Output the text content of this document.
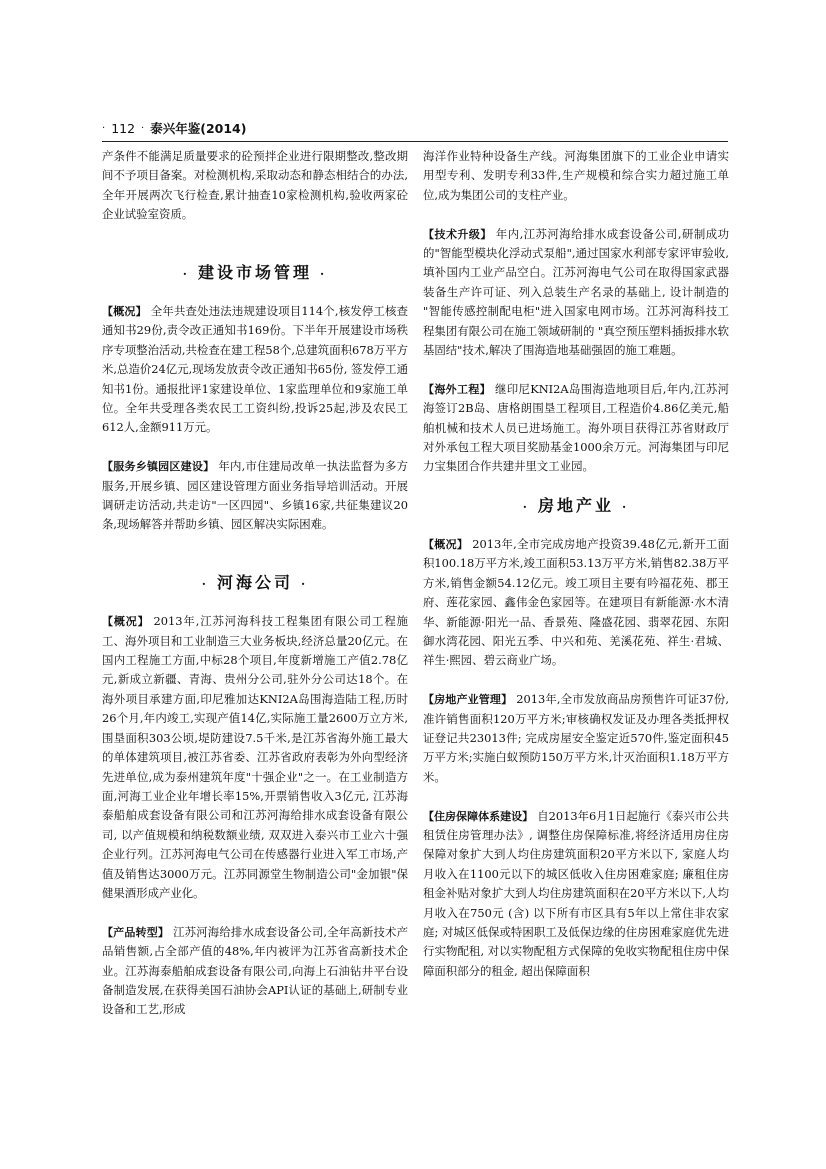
· 112 · 泰兴年鉴(2014)

产条件不能满足质量要求的砼预拌企业进行限期整改,整改期间不予项目备案。对检测机构,采取动态和静态相结合的办法,全年开展两次飞行检查,累计抽查10家检测机构,验收两家砼企业试验室资质。

· 建设市场管理 ·

【概况】 全年共查处违法违规建设项目114个,核发停工核查通知书29份,责令改正通知书169份。下半年开展建设市场秩序专项整治活动,共检查在建工程58个,总建筑面积678万平方米,总造价24亿元,现场发放责令改正通知书65份, 签发停工通知书1份。通报批评1家建设单位、1家监理单位和9家施工单位。全年共受理各类农民工工资纠纷,投诉25起,涉及农民工612人,金额911万元。

【服务乡镇园区建设】 年内,市住建局改单一执法监督为多方服务,开展乡镇、园区建设管理方面业务指导培训活动。开展调研走访活动,共走访"一区四园"、乡镇16家,共征集建议20条,现场解答并帮助乡镇、园区解决实际困难。

· 河海公司 ·

【概况】 2013年,江苏河海科技工程集团有限公司工程施工、海外项目和工业制造三大业务板块,经济总量20亿元。在国内工程施工方面,中标28个项目,年度新增施工产值2.78亿元,新成立新疆、青海、贵州分公司,驻外分公司达18个。在海外项目承建方面,印尼雅加达KNI2A岛围海造陆工程,历时26个月,年内竣工,实现产值14亿,实际施工量2600万立方米,围垦面积303公顷,堤防建设7.5千米,是江苏省海外施工最大的单体建筑项目,被江苏省委、江苏省政府表彰为外向型经济先进单位,成为泰州建筑年度"十强企业"之一。在工业制造方面,河海工业企业年增长率15%,开票销售收入3亿元, 江苏海泰船舶成套设备有限公司和江苏河海给排水成套设备有限公司, 以产值规模和纳税数额业绩, 双双进入泰兴市工业六十强企业行列。江苏河海电气公司在传感器行业进入军工市场,产值及销售达3000万元。江苏同源堂生物制造公司"金加银"保健果酒形成产业化。

【产品转型】 江苏河海给排水成套设备公司,全年高新技术产品销售额,占全部产值的48%,年内被评为江苏省高新技术企业。江苏海泰船舶成套设备有限公司,向海上石油钻井平台设备制造发展,在获得美国石油协会API认证的基础上,研制专业设备和工艺,形成

海洋作业特种设备生产线。河海集团旗下的工业企业申请实用型专利、发明专利33件,生产规模和综合实力超过施工单位,成为集团公司的支柱产业。

【技术升级】 年内,江苏河海给排水成套设备公司,研制成功的"智能型模块化浮动式泵船",通过国家水利部专家评审验收, 填补国内工业产品空白。江苏河海电气公司在取得国家武器装备生产许可证、列入总装生产名录的基础上, 设计制造的 "智能传感控制配电柜"进入国家电网市场。江苏河海科技工程集团有限公司在施工领域研制的 "真空预压塑料插扳排水软基固结"技术,解决了围海造地基础强固的施工难题。

【海外工程】 继印尼KNI2A岛围海造地项目后,年内,江苏河海签订2B岛、唐格朗围垦工程项目,工程造价4.86亿美元,船舶机械和技术人员已进场施工。海外项目获得江苏省财政厅对外承包工程大项目奖励基金1000余万元。河海集团与印尼力宝集团合作共建井里文工业园。

· 房地产业 ·

【概况】 2013年,全市完成房地产投资39.48亿元,新开工面积100.18万平方米,竣工面积53.13万平方米,销售82.38万平方米,销售金额54.12亿元。竣工项目主要有吟福花苑、郡王府、莲花家园、鑫伟金色家园等。在建项目有新能源·水木清华、新能源·阳光一品、香景苑、隆盛花园、翡翠花园、东阳御水湾花园、阳光五季、中兴和苑、羌溪花苑、祥生·君城、祥生·熙园、碧云商业广场。

【房地产业管理】 2013年,全市发放商品房预售许可证37份,准许销售面积120万平方米;审核确权发证及办理各类抵押权证登记共23013件; 完成房屋安全鉴定近570件,鉴定面积45万平方米;实施白蚁预防150万平方米,计灭治面积1.18万平方米。

【住房保障体系建设】 自2013年6月1日起施行《泰兴市公共租赁住房管理办法》, 调整住房保障标准,将经济适用房住房保障对象扩大到人均住房建筑面积20平方米以下, 家庭人均月收入在1100元以下的城区低收入住房困难家庭; 廉租住房租金补贴对象扩大到人均住房建筑面积在20平方米以下,人均月收入在750元 (含) 以下所有市区具有5年以上常住非农家庭; 对城区低保或特困职工及低保边缘的住房困难家庭优先进行实物配租, 对以实物配租方式保障的免收实物配租住房中保障面积部分的租金, 超出保障面积
